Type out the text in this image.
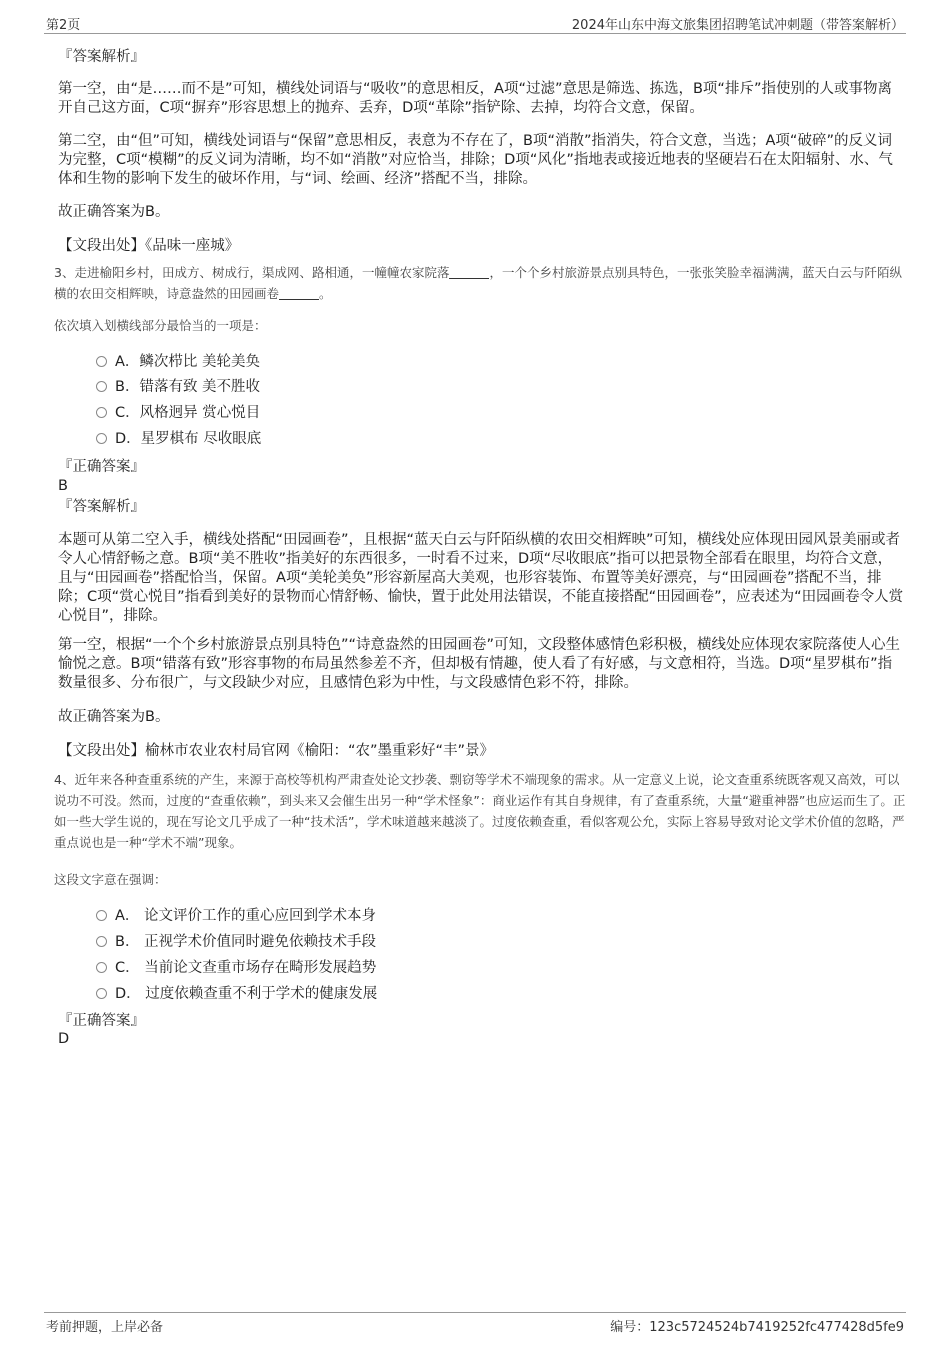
第2页	2024年山东中海文旅集团招聘笔试冲刺题（带答案解析）
『答案解析』
第一空，由“是……而不是”可知，横线处词语与“吸收”的意思相反，A项“过滤”意思是筛选、拣选，B项“排斥”指使别的人或事物离开自己这方面，C项“摒弃”形容思想上的抛弃、丢弃，D项“革除”指铲除、去掉，均符合文意，保留。
第二空，由“但”可知，横线处词语与“保留”意思相反，表意为不存在了，B项“消散”指消失，符合文意，当选；A项“破碎”的反义词为完整，C项“模糊”的反义词为清晰，均不如“消散”对应恰当，排除；D项“风化”指地表或接近地表的坚硬岩石在太阳辐射、水、气体和生物的影响下发生的破坏作用，与“词、绘画、经济”搭配不当，排除。
故正确答案为B。
【文段出处】《品味一座城》
3、走进榆阳乡村，田成方、树成行，渠成网、路相通，一幢幢农家院落	，一个个乡村旅游景点别具特色，一张张笑脸幸福满满，蓝天白云与阡陌纵横的农田交相辉映，诗意盎然的田园画卷	。
依次填入划横线部分最恰当的一项是：
A．鳞次栉比 美轮美奂
B．错落有致 美不胜收
C．风格迥异 赏心悦目
D．星罗棋布 尽收眼底
『正确答案』
B
『答案解析』
本题可从第二空入手，横线处搭配“田园画卷”，且根据“蓝天白云与阡陌纵横的农田交相辉映”可知，横线处应体现田园风景美丽或者令人心情舒畅之意。B项“美不胜收”指美好的东西很多，一时看不过来，D项“尽收眼底”指可以把景物全部看在眼里，均符合文意，且与“田园画卷”搭配恰当，保留。A项“美轮美奂”形容新屋高大美观，也形容装饰、布置等美好漂亮，与“田园画卷”搭配不当，排除；C项“赏心悦目”指看到美好的景物而心情舒畅、愉快，置于此处用法错误，不能直接搭配“田园画卷”，应表述为“田园画卷令人赏心悦目”，排除。
第一空，根据“一个个乡村旅游景点别具特色”“诗意盎然的田园画卷”可知，文段整体感情色彩积极，横线处应体现农家院落使人心生愉悦之意。B项“错落有致”形容事物的布局虽然参差不齐，但却极有情趣，使人看了有好感，与文意相符，当选。D项“星罗棋布”指数量很多、分布很广，与文段缺少对应，且感情色彩为中性，与文段感情色彩不符，排除。
故正确答案为B。
【文段出处】榆林市农业农村局官网《榆阳：“农”墨重彩好“丰”景》
4、近年来各种查重系统的产生，来源于高校等机构严肃查处论文抄袭、剽窃等学术不端现象的需求。从一定意义上说，论文查重系统既客观又高效，可以说功不可没。然而，过度的“查重依赖”，到头来又会催生出另一种“学术怪象”：商业运作有其自身规律，有了查重系统，大量“避重神器”也应运而生了。正如一些大学生说的，现在写论文几乎成了一种“技术活”，学术味道越来越淡了。过度依赖查重，看似客观公允，实际上容易导致对论文学术价值的忽略，严重点说也是一种“学术不端”现象。
这段文字意在强调：
A． 论文评价工作的重心应回到学术本身
B． 正视学术价值同时避免依赖技术手段
C． 当前论文查重市场存在畸形发展趋势
D． 过度依赖查重不利于学术的健康发展
『正确答案』
D
考前押题，上岸必备	编号：123c5724524b7419252fc477428d5fe9
